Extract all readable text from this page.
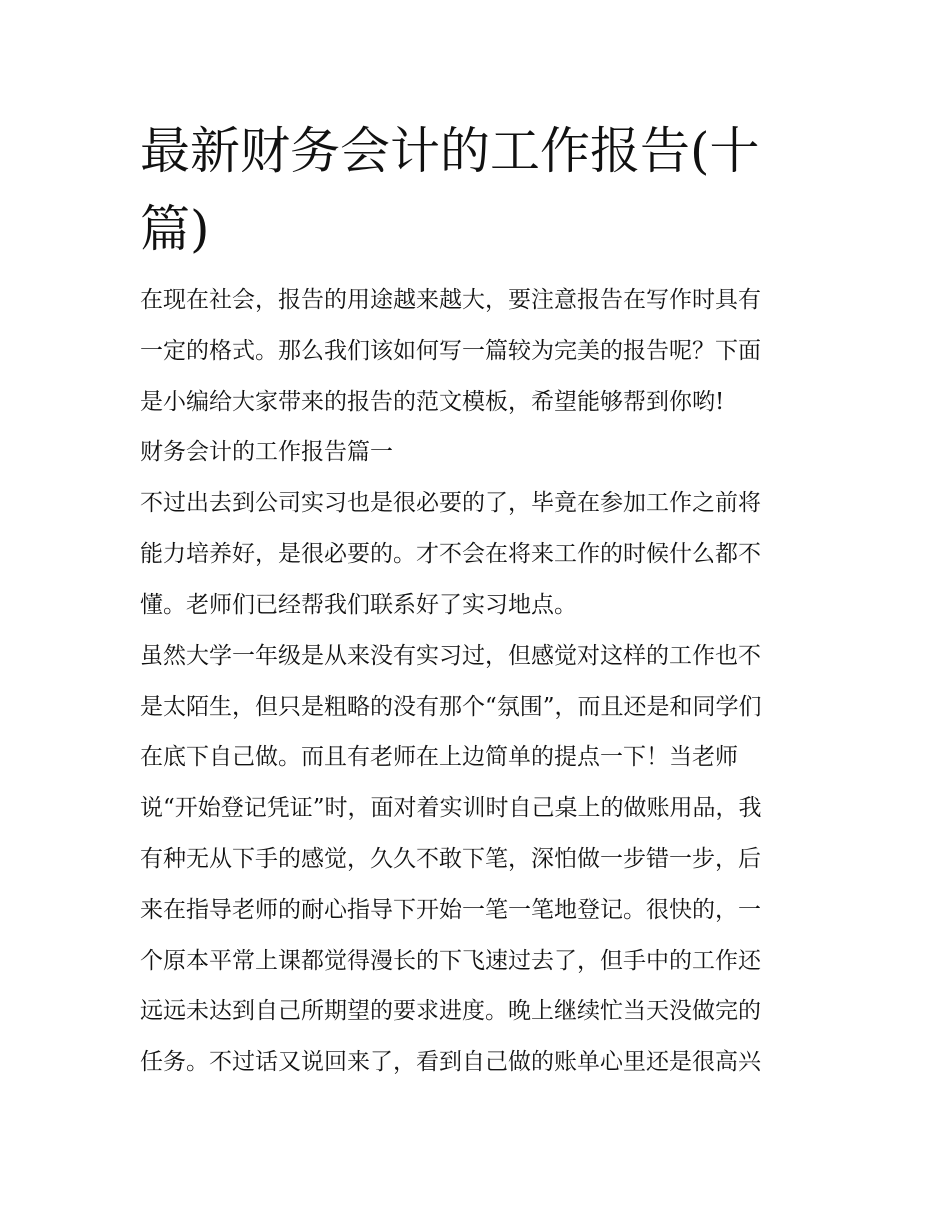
最新财务会计的工作报告(十篇)

在现在社会，报告的用途越来越大，要注意报告在写作时具有

一定的格式。那么我们该如何写一篇较为完美的报告呢？下面

是小编给大家带来的报告的范文模板，希望能够帮到你哟!

财务会计的工作报告篇一

不过出去到公司实习也是很必要的了，毕竟在参加工作之前将

能力培养好，是很必要的。才不会在将来工作的时候什么都不

懂。老师们已经帮我们联系好了实习地点。

虽然大学一年级是从来没有实习过，但感觉对这样的工作也不

是太陌生，但只是粗略的没有那个“氛围”，而且还是和同学们

在底下自己做。而且有老师在上边简单的提点一下！当老师

说“开始登记凭证”时，面对着实训时自己桌上的做账用品，我

有种无从下手的感觉，久久不敢下笔，深怕做一步错一步，后

来在指导老师的耐心指导下开始一笔一笔地登记。很快的，一

个原本平常上课都觉得漫长的下飞速过去了，但手中的工作还

远远未达到自己所期望的要求进度。晚上继续忙当天没做完的

任务。不过话又说回来了，看到自己做的账单心里还是很高兴
